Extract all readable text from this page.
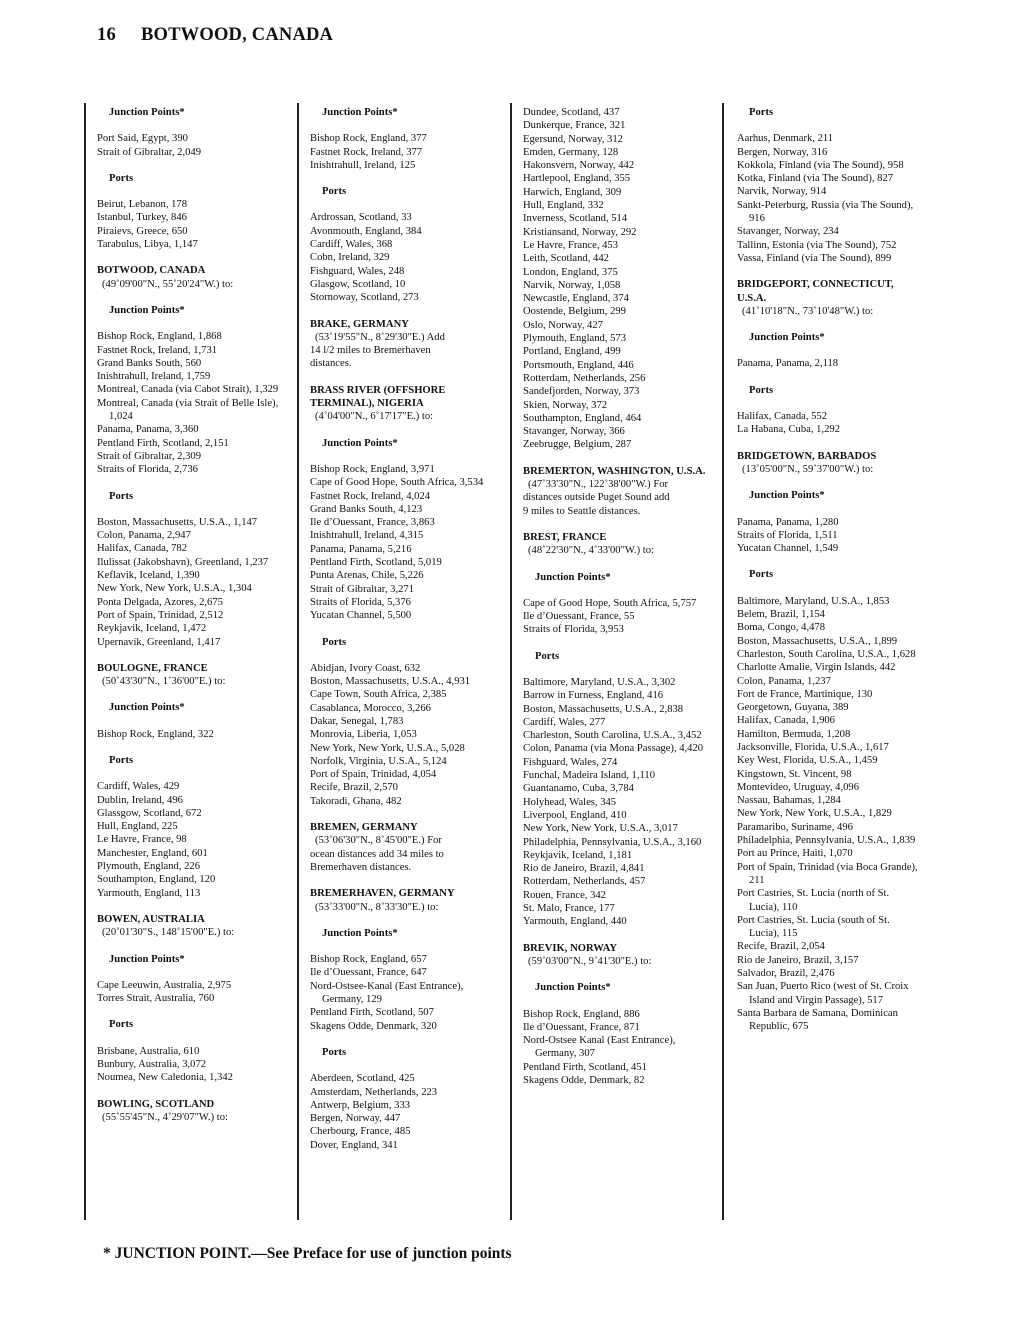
16 BOTWOOD, CANADA
Junction Points*
Port Said, Egypt, 390
Strait of Gibraltar, 2,049
Ports
Beirut, Lebanon, 178
Istanbul, Turkey, 846
Piraievs, Greece, 650
Tarabulus, Libya, 1,147
BOTWOOD, CANADA
(49˚09'00"N., 55˚20'24"W.) to:
Junction Points*
Bishop Rock, England, 1,868
Fastnet Rock, Ireland, 1,731
Grand Banks South, 560
Inishtrahull, Ireland, 1,759
Montreal, Canada (via Cabot Strait), 1,329
Montreal, Canada (via Strait of Belle Isle), 1,024
Panama, Panama, 3,360
Pentland Firth, Scotland, 2,151
Strait of Gibraltar, 2,309
Straits of Florida, 2,736
Ports
Boston, Massachusetts, U.S.A., 1,147
Colon, Panama, 2,947
Halifax, Canada, 782
Ilulissat (Jakobshavn), Greenland, 1,237
Keflavik, Iceland, 1,390
New York, New York, U.S.A., 1,304
Ponta Delgada, Azores, 2,675
Port of Spain, Trinidad, 2,512
Reykjavik, Iceland, 1,472
Upernavik, Greenland, 1,417
BOULOGNE, FRANCE
(50˚43'30"N., 1˚36'00"E.) to:
Junction Points*
Bishop Rock, England, 322
Ports
Cardiff, Wales, 429
Dublin, Ireland, 496
Glassgow, Scotland, 672
Hull, England, 225
Le Havre, France, 98
Manchester, England, 601
Plymouth, England, 226
Southampton, England, 120
Yarmouth, England, 113
BOWEN, AUSTRALIA
(20˚01'30"S., 148˚15'00"E.) to:
Junction Points*
Cape Leeuwin, Australia, 2,975
Torres Strait, Australia, 760
Ports
Brisbane, Australia, 610
Bunbury, Australia, 3,072
Noumea, New Caledonia, 1,342
BOWLING, SCOTLAND
(55˚55'45"N., 4˚29'07"W.) to:
Junction Points*
Bishop Rock, England, 377
Fastnet Rock, Ireland, 377
Inishtrahull, Ireland, 125
Ports
Ardrossan, Scotland, 33
Avonmouth, England, 384
Cardiff, Wales, 368
Cobn, Ireland, 329
Fishguard, Wales, 248
Glasgow, Scotland, 10
Stornoway, Scotland, 273
BRAKE, GERMANY
(53˚19'55"N., 8˚29'30"E.) Add
14 l/2 miles to Bremerhaven
distances.
BRASS RIVER (OFFSHORE TERMINAL), NIGERIA
(4˚04'00"N., 6˚17'17"E.) to:
Junction Points*
Bishop Rock, England, 3,971
Cape of Good Hope, South Africa, 3,534
Fastnet Rock, Ireland, 4,024
Grand Banks South, 4,123
Ile d’Ouessant, France, 3,863
Inishtrahull, Ireland, 4,315
Panama, Panama, 5,216
Pentland Firth, Scotland, 5,019
Punta Arenas, Chile, 5,226
Strait of Gibraltar, 3,271
Straits of Florida, 5,376
Yucatan Channel, 5,500
Ports
Abidjan, Ivory Coast, 632
Boston, Massachusetts, U.S.A., 4,931
Cape Town, South Africa, 2,385
Casablanca, Morocco, 3,266
Dakar, Senegal, 1,783
Monrovia, Liberia, 1,053
New York, New York, U.S.A., 5,028
Norfolk, Virginia, U.S.A., 5,124
Port of Spain, Trinidad, 4,054
Recife, Brazil, 2,570
Takoradi, Ghana, 482
BREMEN, GERMANY
(53˚06'30"N., 8˚45'00"E.) For
ocean distances add 34 miles to
Bremerhaven distances.
BREMERHAVEN, GERMANY
(53˚33'00"N., 8˚33'30"E.) to:
Junction Points*
Bishop Rock, England, 657
Ile d’Ouessant, France, 647
Nord-Ostsee-Kanal (East Entrance), Germany, 129
Pentland Firth, Scotland, 507
Skagens Odde, Denmark, 320
Ports
Aberdeen, Scotland, 425
Amsterdam, Netherlands, 223
Antwerp, Belgium, 333
Bergen, Norway, 447
Cherbourg, France, 485
Dover, England, 341
Dundee, Scotland, 437
Dunkerque, France, 321
Egersund, Norway, 312
Emden, Germany, 128
Hakonsvern, Norway, 442
Hartlepool, England, 355
Harwich, England, 309
Hull, England, 332
Inverness, Scotland, 514
Kristiansand, Norway, 292
Le Havre, France, 453
Leith, Scotland, 442
London, England, 375
Narvik, Norway, 1,058
Newcastle, England, 374
Oostende, Belgium, 299
Oslo, Norway, 427
Plymouth, England, 573
Portland, England, 499
Portsmouth, England, 446
Rotterdam, Netherlands, 256
Sandefjorden, Norway, 373
Skien, Norway, 372
Southampton, England, 464
Stavanger, Norway, 366
Zeebrugge, Belgium, 287
BREMERTON, WASHINGTON, U.S.A.
(47˚33'30"N., 122˚38'00"W.) For
distances outside Puget Sound add
9 miles to Seattle distances.
BREST, FRANCE
(48˚22'30"N., 4˚33'00"W.) to:
Junction Points*
Cape of Good Hope, South Africa, 5,757
Ile d’Ouessant, France, 55
Straits of Florida, 3,953
Ports
Baltimore, Maryland, U.S.A., 3,302
Barrow in Furness, England, 416
Boston, Massachusetts, U.S.A., 2,838
Cardiff, Wales, 277
Charleston, South Carolina, U.S.A., 3,452
Colon, Panama (via Mona Passage), 4,420
Fishguard, Wales, 274
Funchal, Madeira Island, 1,110
Guantanamo, Cuba, 3,784
Holyhead, Wales, 345
Liverpool, England, 410
New York, New York, U.S.A., 3,017
Philadelphia, Pennsylvania, U.S.A., 3,160
Reykjavik, Iceland, 1,181
Rio de Janeiro, Brazil, 4,841
Rotterdam, Netherlands, 457
Rouen, France, 342
St. Malo, France, 177
Yarmouth, England, 440
BREVIK, NORWAY
(59˚03'00"N., 9˚41'30"E.) to:
Junction Points*
Bishop Rock, England, 886
Ile d’Ouessant, France, 871
Nord-Ostsee Kanal (East Entrance), Germany, 307
Pentland Firth, Scotland, 451
Skagens Odde, Denmark, 82
Ports
Aarhus, Denmark, 211
Bergen, Norway, 316
Kokkola, Finland (via The Sound), 958
Kotka, Finland (via The Sound), 827
Narvik, Norway, 914
Sankt-Peterburg, Russia (via The Sound), 916
Stavanger, Norway, 234
Tallinn, Estonia (via The Sound), 752
Vassa, Finland (via The Sound), 899
BRIDGEPORT, CONNECTICUT, U.S.A.
(41˚10'18"N., 73˚10'48"W.) to:
Junction Points*
Panama, Panama, 2,118
Ports
Halifax, Canada, 552
La Habana, Cuba, 1,292
BRIDGETOWN, BARBADOS
(13˚05'00"N., 59˚37'00"W.) to:
Junction Points*
Panama, Panama, 1,280
Straits of Florida, 1,511
Yucatan Channel, 1,549
Ports
Baltimore, Maryland, U.S.A., 1,853
Belem, Brazil, 1,154
Boma, Congo, 4,478
Boston, Massachusetts, U.S.A., 1,899
Charleston, South Carolina, U.S.A., 1,628
Charlotte Amalie, Virgin Islands, 442
Colon, Panama, 1,237
Fort de France, Martinique, 130
Georgetown, Guyana, 389
Halifax, Canada, 1,906
Hamilton, Bermuda, 1,208
Jacksonville, Florida, U.S.A., 1,617
Key West, Florida, U.S.A., 1,459
Kingstown, St. Vincent, 98
Montevideo, Uruguay, 4,096
Nassau, Bahamas, 1,284
New York, New York, U.S.A., 1,829
Paramaribo, Suriname, 496
Philadelphia, Pennsylvania, U.S.A., 1,839
Port au Prince, Haiti, 1,070
Port of Spain, Trinidad (via Boca Grande), 211
Port Castries, St. Lucia (north of St. Lucia), 110
Port Castries, St. Lucia (south of St. Lucia), 115
Recife, Brazil, 2,054
Rio de Janeiro, Brazil, 3,157
Salvador, Brazil, 2,476
San Juan, Puerto Rico (west of St. Croix Island and Virgin Passage), 517
Santa Barbara de Samana, Dominican Republic, 675
* JUNCTION POINT.—See Preface for use of junction points
